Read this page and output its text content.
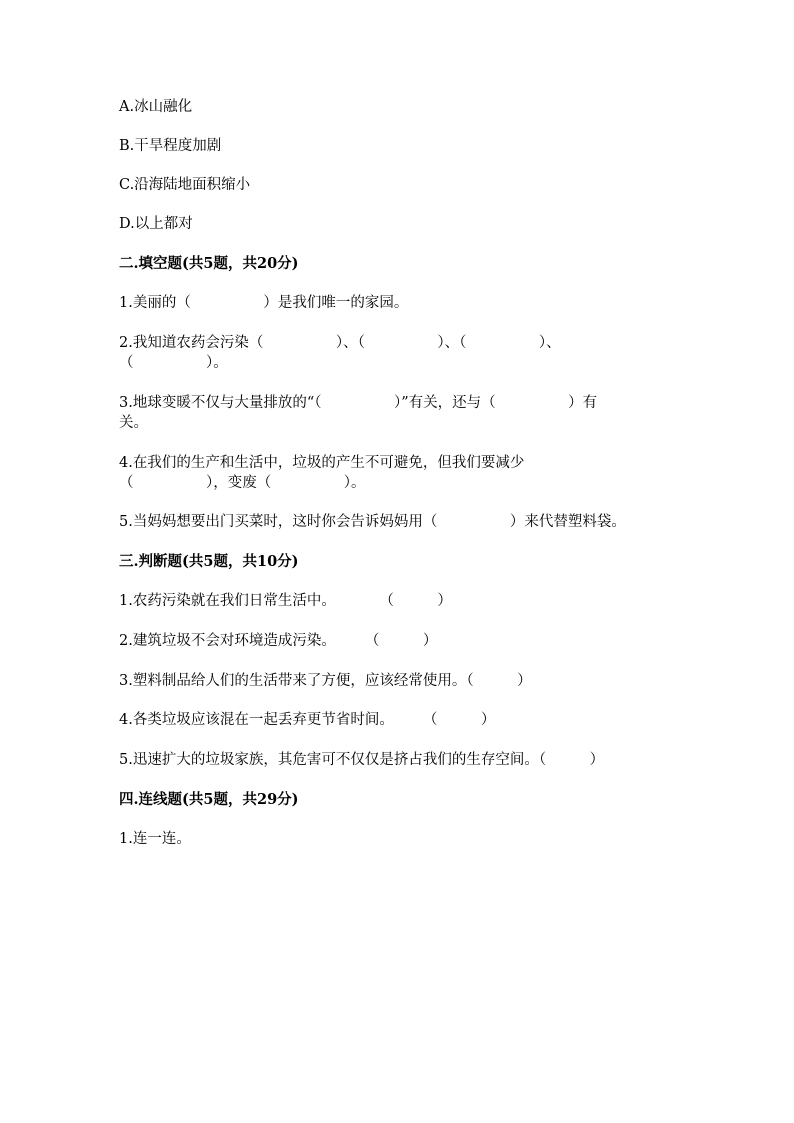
A.冰山融化
B.干旱程度加剧
C.沿海陆地面积缩小
D.以上都对
二.填空题(共5题，共20分)
1.美丽的（　　　　　）是我们唯一的家园。
2.我知道农药会污染（　　　　　）、（　　　　　）、（　　　　　）、
（　　　　　）。
3.地球变暖不仅与大量排放的“（　　　　　）”有关，还与（　　　　　）有
关。
4.在我们的生产和生活中，垃圾的产生不可避免，但我们要减少
（　　　　　），变废（　　　　　）。
5.当妈妈想要出门买菜时，这时你会告诉妈妈用（　　　　　）来代替塑料袋。
三.判断题(共5题，共10分)
1.农药污染就在我们日常生活中。　　　　（　　　）
2.建筑垃圾不会对环境造成污染。　　　（　　　）
3.塑料制品给人们的生活带来了方便，应该经常使用。（　　　）
4.各类垃圾应该混在一起丢弃更节省时间。　　　（　　　）
5.迅速扩大的垃圾家族，其危害可不仅仅是挤占我们的生存空间。（　　　）
四.连线题(共5题，共29分)
1.连一连。
